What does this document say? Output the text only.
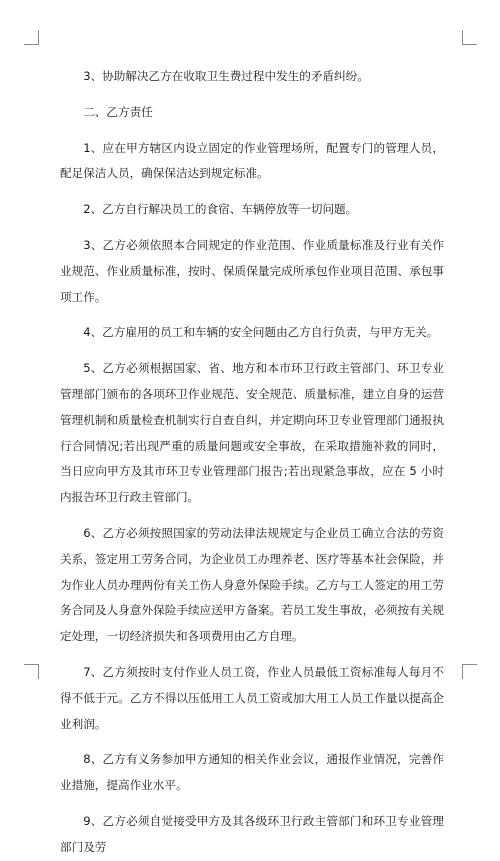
3、协助解决乙方在收取卫生费过程中发生的矛盾纠纷。

二、乙方责任

1、应在甲方辖区内设立固定的作业管理场所，配置专门的管理人员，配足保洁人员，确保保洁达到规定标准。

2、乙方自行解决员工的食宿、车辆停放等一切问题。

3、乙方必须依照本合同规定的作业范围、作业质量标准及行业有关作业规范、作业质量标准，按时、保质保量完成所承包作业项目范围、承包事项工作。

4、乙方雇用的员工和车辆的安全问题由乙方自行负责，与甲方无关。

5、乙方必须根据国家、省、地方和本市环卫行政主管部门、环卫专业管理部门颁布的各项环卫作业规范、安全规范、质量标准，建立自身的运营管理机制和质量检查机制实行自查自纠，并定期向环卫专业管理部门通报执行合同情况;若出现严重的质量问题或安全事故，在采取措施补救的同时，当日应向甲方及其市环卫专业管理部门报告;若出现紧急事故，应在 5 小时内报告环卫行政主管部门。

6、乙方必须按照国家的劳动法律法规规定与企业员工确立合法的劳资关系，签定用工劳务合同，为企业员工办理养老、医疗等基本社会保险，并为作业人员办理两份有关工伤人身意外保险手续。乙方与工人签定的用工劳务合同及人身意外保险手续应送甲方备案。若员工发生事故，必须按有关规定处理，一切经济损失和各项费用由乙方自理。

7、乙方须按时支付作业人员工资，作业人员最低工资标准每人每月不得不低于元。乙方不得以压低用工人员工资或加大用工人员工作量以提高企业利润。

8、乙方有义务参加甲方通知的相关作业会议，通报作业情况，完善作业措施，提高作业水平。

9、乙方必须自觉接受甲方及其各级环卫行政主管部门和环卫专业管理部门及劳
